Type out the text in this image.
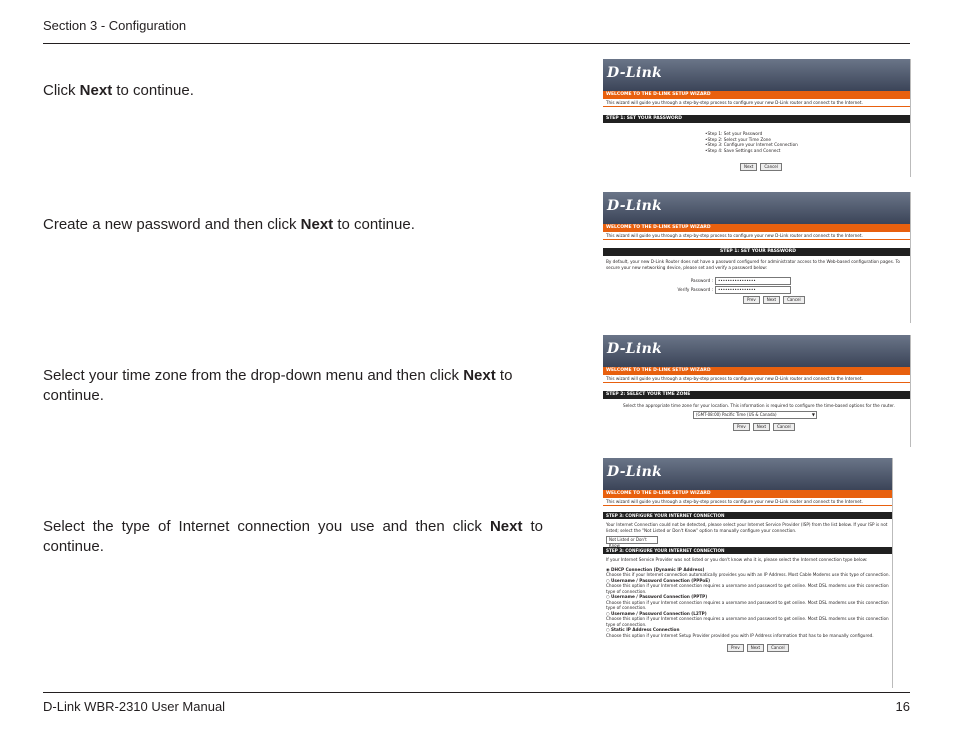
Section 3 - Configuration
Click Next to continue.
Create a new password and then click Next to continue.
Select your time zone from the drop-down menu and then click Next to continue.
Select the type of Internet connection you use and then click Next to continue.
D-Link
WELCOME TO THE D-LINK SETUP WIZARD
This wizard will guide you through a step-by-step process to configure your new D-Link router and connect to the Internet.
STEP 1: SET YOUR PASSWORD
• Step 1: Set your Password
• Step 2: Select your Time Zone
• Step 3: Configure your Internet Connection
• Step 4: Save Settings and Connect
Next	Cancel
D-Link
WELCOME TO THE D-LINK SETUP WIZARD
This wizard will guide you through a step-by-step process to configure your new D-Link router and connect to the Internet.
STEP 1: SET YOUR PASSWORD
By default, your new D-Link Router does not have a password configured for administrator access to the Web-based configuration pages. To secure your new networking device, please set and verify a password below:
Password :	••••••••••••••••
Verify Password :	••••••••••••••••
Prev	Next	Cancel
D-Link
WELCOME TO THE D-LINK SETUP WIZARD
This wizard will guide you through a step-by-step process to configure your new D-Link router and connect to the Internet.
STEP 2: SELECT YOUR TIME ZONE
Select the appropriate time zone for your location. This information is required to configure the time-based options for the router.
(GMT-08:00) Pacific Time (US & Canada)	▼
Prev	Next	Cancel
D-Link
WELCOME TO THE D-LINK SETUP WIZARD
This wizard will guide you through a step-by-step process to configure your new D-Link router and connect to the Internet.
STEP 3: CONFIGURE YOUR INTERNET CONNECTION
Your Internet Connection could not be detected, please select your Internet Service Provider (ISP) from the list below. If your ISP is not listed; select the "Not Listed or Don't Know" option to manually configure your connection.
Not Listed or Don't Know
STEP 3: CONFIGURE YOUR INTERNET CONNECTION
If your Internet Service Provider was not listed or you don't know who it is, please select the Internet connection type below:
◉ DHCP Connection (Dynamic IP Address)
Choose this if your Internet connection automatically provides you with an IP Address. Most Cable Modems use this type of connection.
○ Username / Password Connection (PPPoE)
Choose this option if your Internet connection requires a username and password to get online. Most DSL modems use this connection type of connection.
○ Username / Password Connection (PPTP)
Choose this option if your Internet connection requires a username and password to get online. Most DSL modems use this connection type of connection.
○ Username / Password Connection (L2TP)
Choose this option if your Internet connection requires a username and password to get online. Most DSL modems use this connection type of connection.
○ Static IP Address Connection
Choose this option if your Internet Setup Provider provided you with IP Address information that has to be manually configured.
Prev	Next	Cancel
D-Link WBR-2310 User Manual	16
